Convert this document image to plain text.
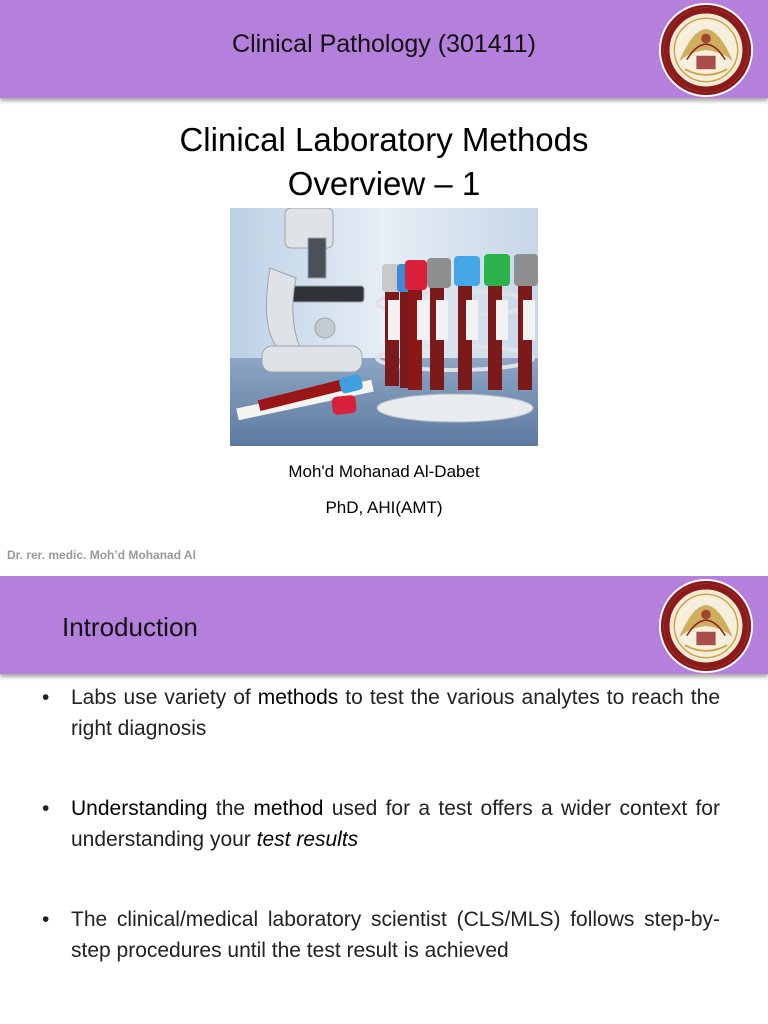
Clinical Pathology (301411)
Clinical Laboratory Methods
Overview – 1
Moh'd Mohanad Al-Dabet
PhD, AHI(AMT)
Dr. rer. medic. Moh’d Mohanad Al
Introduction
• Labs use variety of methods to test the various analytes to reach the right diagnosis
• Understanding the method used for a test offers a wider context for understanding your test results
• The clinical/medical laboratory scientist (CLS/MLS) follows step-by-step procedures until the test result is achieved
